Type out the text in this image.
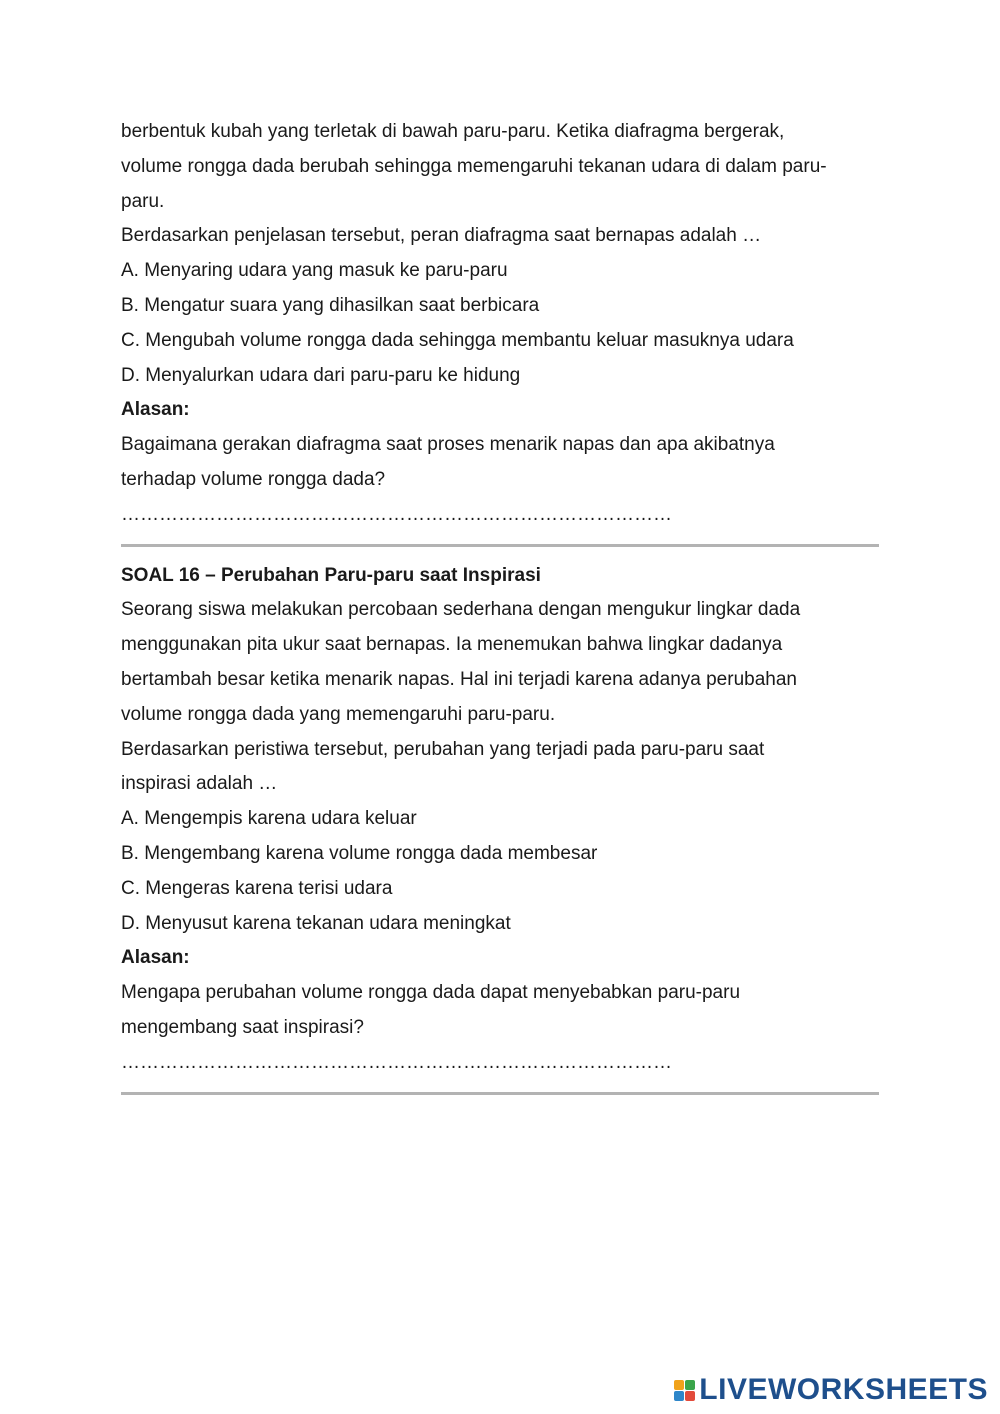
berbentuk kubah yang terletak di bawah paru-paru. Ketika diafragma bergerak,
volume rongga dada berubah sehingga memengaruhi tekanan udara di dalam paru-
paru.
Berdasarkan penjelasan tersebut, peran diafragma saat bernapas adalah …
A. Menyaring udara yang masuk ke paru-paru
B. Mengatur suara yang dihasilkan saat berbicara
C. Mengubah volume rongga dada sehingga membantu keluar masuknya udara
D. Menyalurkan udara dari paru-paru ke hidung
Alasan:
Bagaimana gerakan diafragma saat proses menarik napas dan apa akibatnya
terhadap volume rongga dada?
……………………………………………………………………………
SOAL 16 – Perubahan Paru-paru saat Inspirasi
Seorang siswa melakukan percobaan sederhana dengan mengukur lingkar dada
menggunakan pita ukur saat bernapas. Ia menemukan bahwa lingkar dadanya
bertambah besar ketika menarik napas. Hal ini terjadi karena adanya perubahan
volume rongga dada yang memengaruhi paru-paru.
Berdasarkan peristiwa tersebut, perubahan yang terjadi pada paru-paru saat
inspirasi adalah …
A. Mengempis karena udara keluar
B. Mengembang karena volume rongga dada membesar
C. Mengeras karena terisi udara
D. Menyusut karena tekanan udara meningkat
Alasan:
Mengapa perubahan volume rongga dada dapat menyebabkan paru-paru
mengembang saat inspirasi?
……………………………………………………………………………
LIVEWORKSHEETS
